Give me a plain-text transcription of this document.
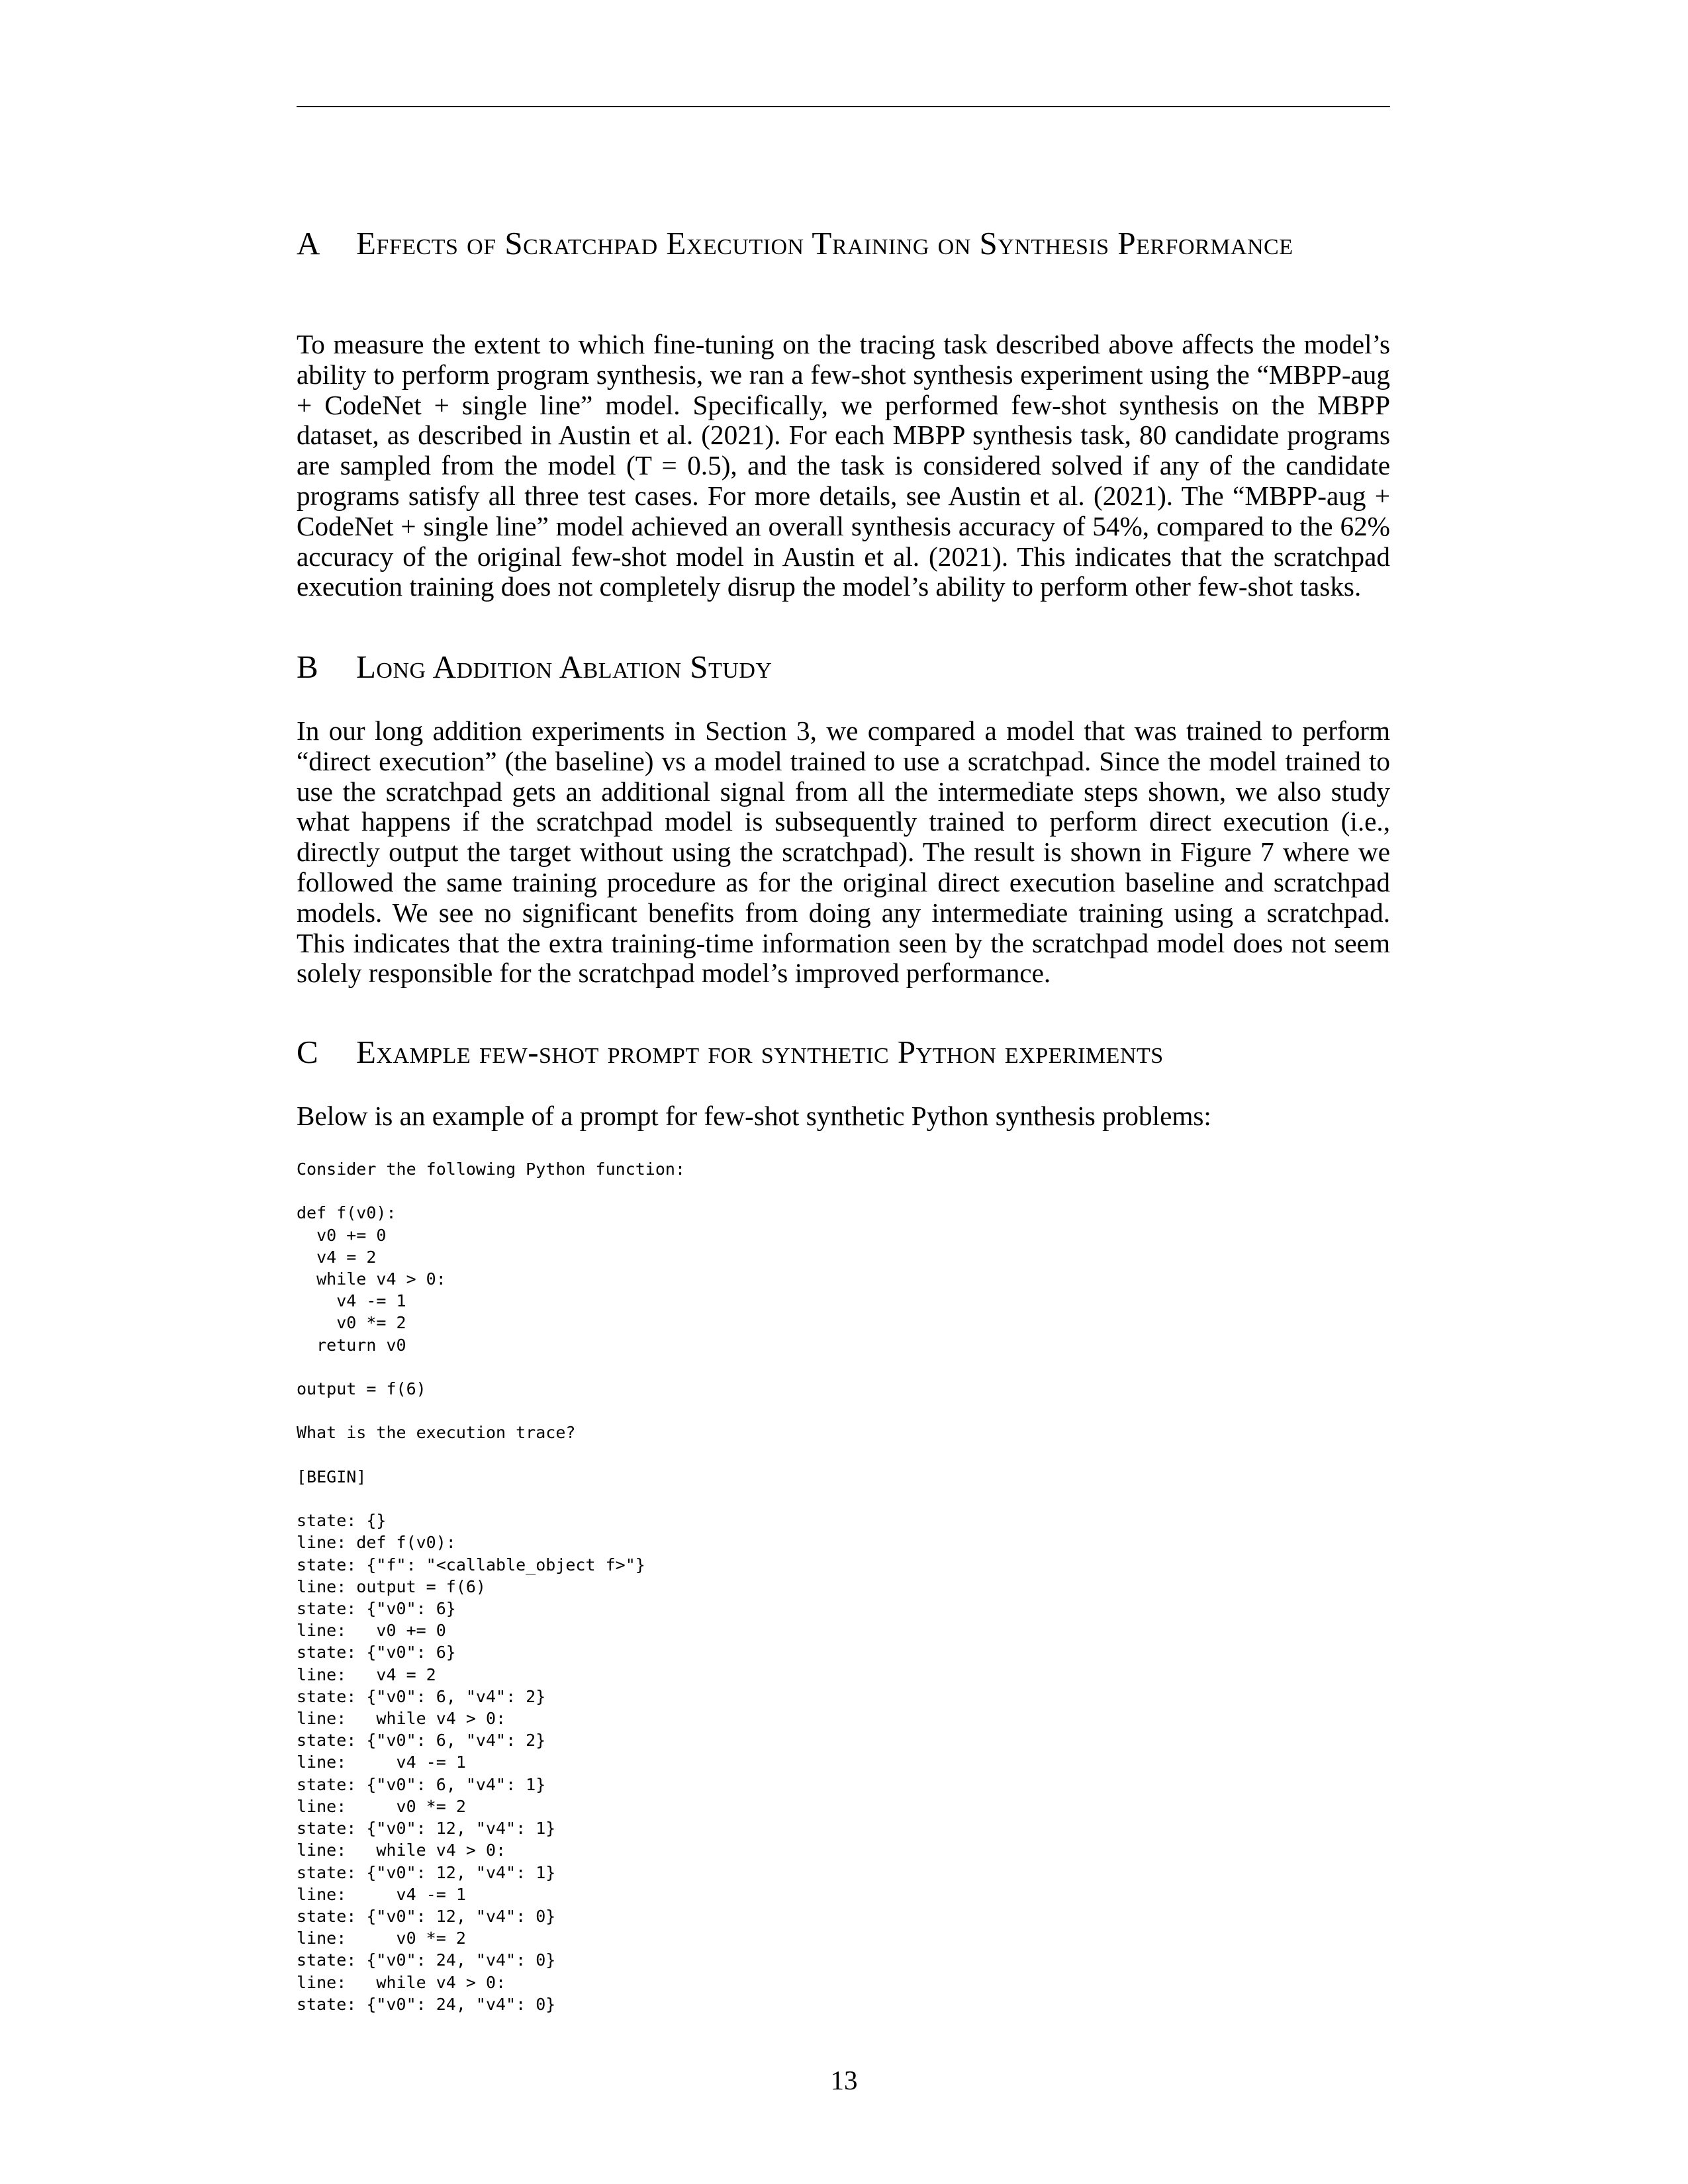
A Effects of Scratchpad Execution Training on Synthesis Performance

To measure the extent to which fine-tuning on the tracing task described above affects the model’s ability to perform program synthesis, we ran a few-shot synthesis experiment using the “MBPP-aug + CodeNet + single line” model. Specifically, we performed few-shot synthesis on the MBPP dataset, as described in Austin et al. (2021). For each MBPP synthesis task, 80 candidate programs are sampled from the model (T = 0.5), and the task is considered solved if any of the candidate programs satisfy all three test cases. For more details, see Austin et al. (2021). The “MBPP-aug + CodeNet + single line” model achieved an overall synthesis accuracy of 54%, compared to the 62% accuracy of the original few-shot model in Austin et al. (2021). This indicates that the scratchpad execution training does not completely disrup the model’s ability to perform other few-shot tasks.

B Long Addition Ablation Study

In our long addition experiments in Section 3, we compared a model that was trained to perform “direct execution” (the baseline) vs a model trained to use a scratchpad. Since the model trained to use the scratchpad gets an additional signal from all the intermediate steps shown, we also study what happens if the scratchpad model is subsequently trained to perform direct execution (i.e., directly output the target without using the scratchpad). The result is shown in Figure 7 where we followed the same training procedure as for the original direct execution baseline and scratchpad models. We see no significant benefits from doing any intermediate training using a scratchpad. This indicates that the extra training-time information seen by the scratchpad model does not seem solely responsible for the scratchpad model’s improved performance.

C Example few-shot prompt for synthetic Python experiments

Below is an example of a prompt for few-shot synthetic Python synthesis problems:

Consider the following Python function:

def f(v0):
v0 += 0
v4 = 2
while v4 > 0:
v4 -= 1
v0 *= 2
return v0

output = f(6)

What is the execution trace?

[BEGIN]

state: {}
line: def f(v0):
state: {"f": "<callable_object f>"}
line: output = f(6)
state: {"v0": 6}
line:   v0 += 0
state: {"v0": 6}
line:   v4 = 2
state: {"v0": 6, "v4": 2}
line:   while v4 > 0:
state: {"v0": 6, "v4": 2}
line:     v4 -= 1
state: {"v0": 6, "v4": 1}
line:     v0 *= 2
state: {"v0": 12, "v4": 1}
line:   while v4 > 0:
state: {"v0": 12, "v4": 1}
line:     v4 -= 1
state: {"v0": 12, "v4": 0}
line:     v0 *= 2
state: {"v0": 24, "v4": 0}
line:   while v4 > 0:
state: {"v0": 24, "v4": 0}
13
